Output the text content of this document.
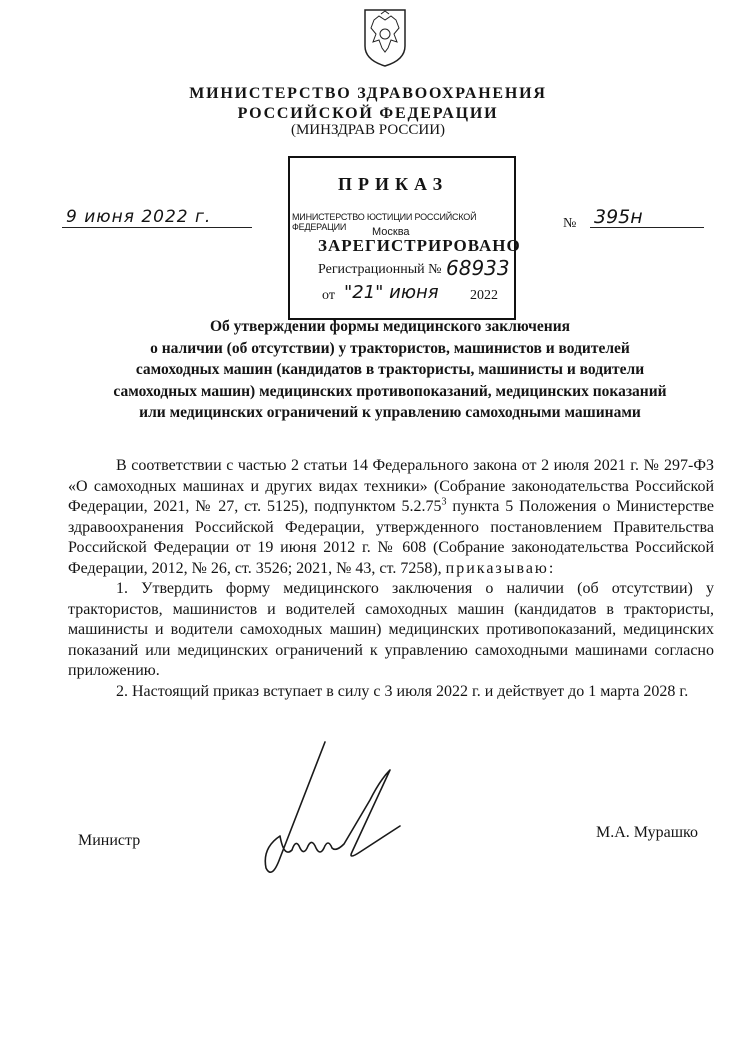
МИНИСТЕРСТВО ЗДРАВООХРАНЕНИЯ
РОССИЙСКОЙ ФЕДЕРАЦИИ
(МИНЗДРАВ РОССИИ)
9 июня 2022 г.	№ 395н
ПРИКАЗ
МИНИСТЕРСТВО ЮСТИЦИИ РОССИЙСКОЙ ФЕДЕРАЦИИ	Москва
ЗАРЕГИСТРИРОВАНО
Регистрационный № 68933
от "21" июня 2022
Об утверждении формы медицинского заключения
о наличии (об отсутствии) у трактористов, машинистов и водителей
самоходных машин (кандидатов в трактористы, машинисты и водители
самоходных машин) медицинских противопоказаний, медицинских показаний
или медицинских ограничений к управлению самоходными машинами

В соответствии с частью 2 статьи 14 Федерального закона от 2 июля 2021 г. № 297-ФЗ «О самоходных машинах и других видах техники» (Собрание законодательства Российской Федерации, 2021, № 27, ст. 5125), подпунктом 5.2.75$^3$ пункта 5 Положения о Министерстве здравоохранения Российской Федерации, утвержденного постановлением Правительства Российской Федерации от 19 июня 2012 г. № 608 (Собрание законодательства Российской Федерации, 2012, № 26, ст. 3526; 2021, № 43, ст. 7258), приказываю:

1. Утвердить форму медицинского заключения о наличии (об отсутствии) у трактористов, машинистов и водителей самоходных машин (кандидатов в трактористы, машинисты и водители самоходных машин) медицинских противопоказаний, медицинских показаний или медицинских ограничений к управлению самоходными машинами согласно приложению.

2. Настоящий приказ вступает в силу с 3 июля 2022 г. и действует до 1 марта 2028 г.

Министр	М.А. Мурашко
